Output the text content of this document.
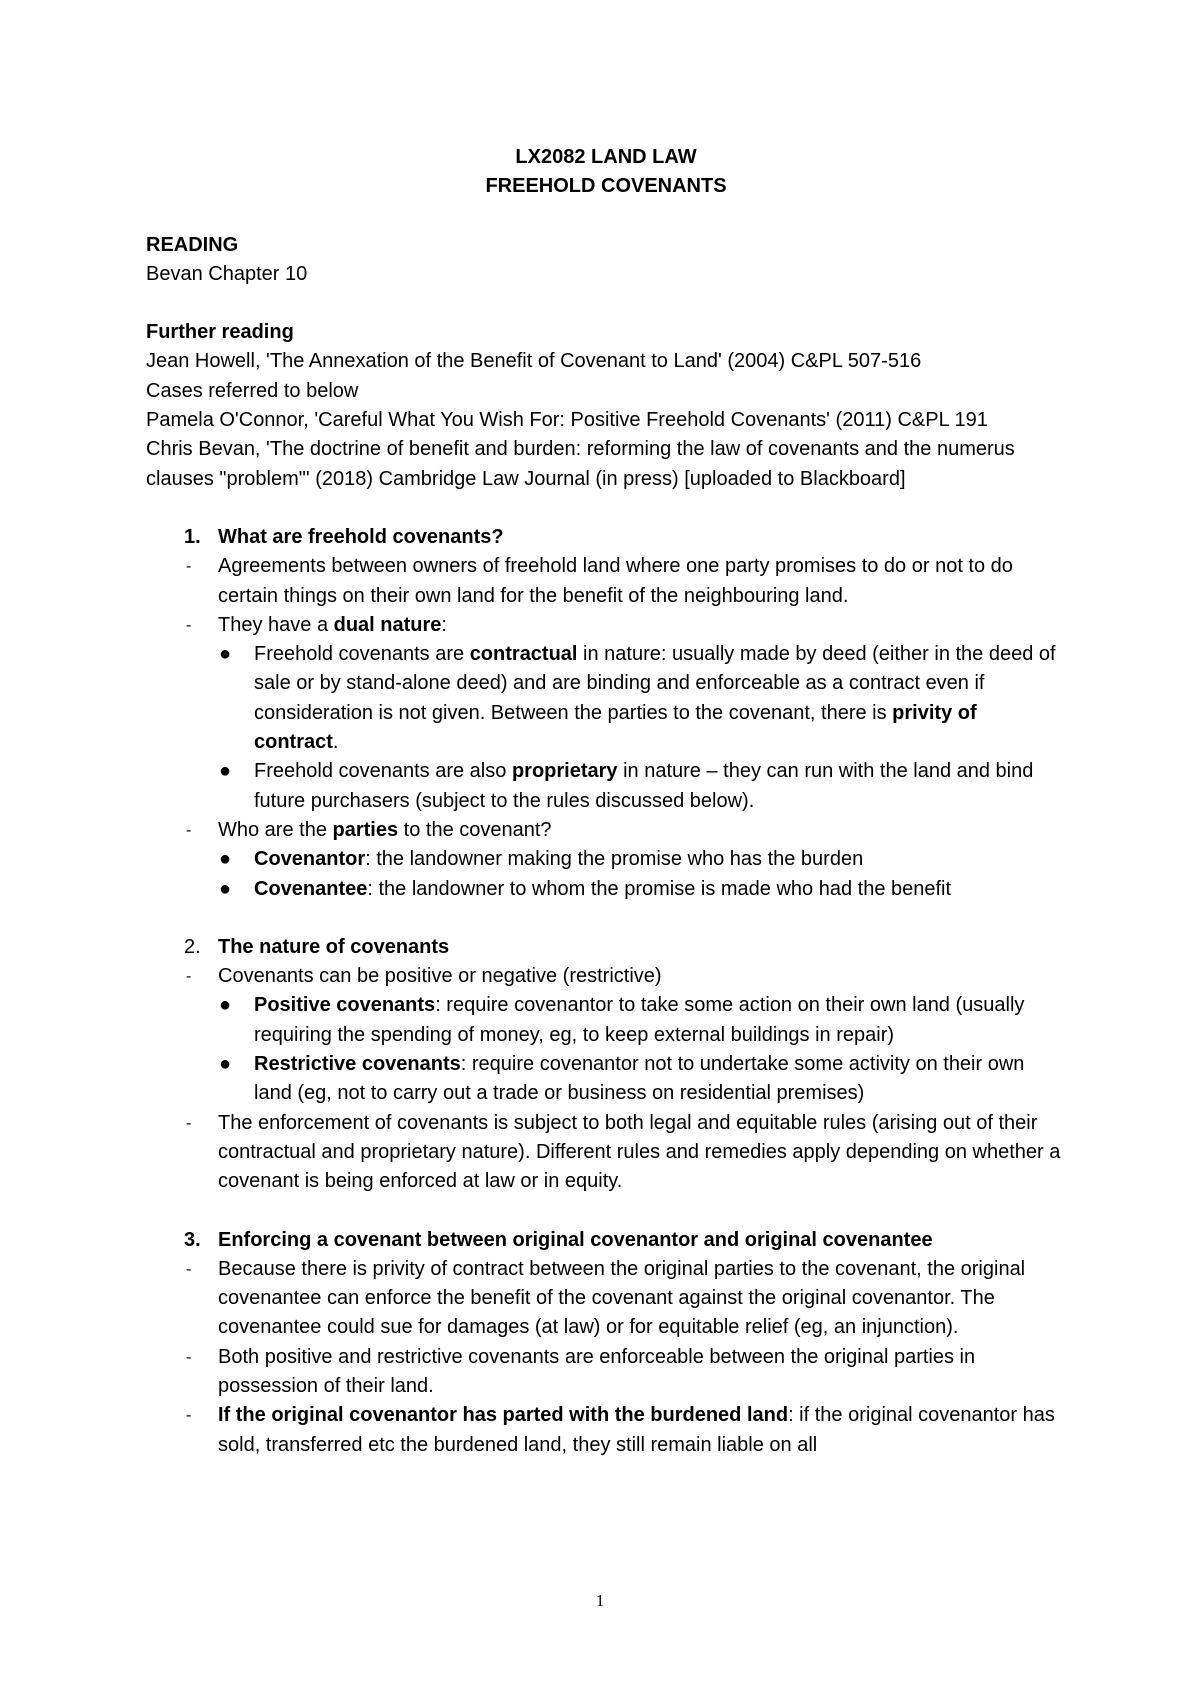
LX2082 LAND LAW

FREEHOLD COVENANTS

READING

Bevan Chapter 10

Further reading

Jean Howell, 'The Annexation of the Benefit of Covenant to Land' (2004) C&PL 507-516

Cases referred to below

Pamela O'Connor, 'Careful What You Wish For: Positive Freehold Covenants' (2011) C&PL 191

Chris Bevan, 'The doctrine of benefit and burden: reforming the law of covenants and the numerus clauses "problem"' (2018) Cambridge Law Journal (in press) [uploaded to Blackboard]

1. What are freehold covenants?

- Agreements between owners of freehold land where one party promises to do or not to do certain things on their own land for the benefit of the neighbouring land.

- They have a dual nature:

● Freehold covenants are contractual in nature: usually made by deed (either in the deed of sale or by stand-alone deed) and are binding and enforceable as a contract even if consideration is not given. Between the parties to the covenant, there is privity of contract.

● Freehold covenants are also proprietary in nature – they can run with the land and bind future purchasers (subject to the rules discussed below).

- Who are the parties to the covenant?

● Covenantor: the landowner making the promise who has the burden

● Covenantee: the landowner to whom the promise is made who had the benefit

2. The nature of covenants

- Covenants can be positive or negative (restrictive)

● Positive covenants: require covenantor to take some action on their own land (usually requiring the spending of money, eg, to keep external buildings in repair)

● Restrictive covenants: require covenantor not to undertake some activity on their own land (eg, not to carry out a trade or business on residential premises)

- The enforcement of covenants is subject to both legal and equitable rules (arising out of their contractual and proprietary nature). Different rules and remedies apply depending on whether a covenant is being enforced at law or in equity.

3. Enforcing a covenant between original covenantor and original covenantee

- Because there is privity of contract between the original parties to the covenant, the original covenantee can enforce the benefit of the covenant against the original covenantor. The covenantee could sue for damages (at law) or for equitable relief (eg, an injunction).

- Both positive and restrictive covenants are enforceable between the original parties in possession of their land.

- If the original covenantor has parted with the burdened land: if the original covenantor has sold, transferred etc the burdened land, they still remain liable on all

1
